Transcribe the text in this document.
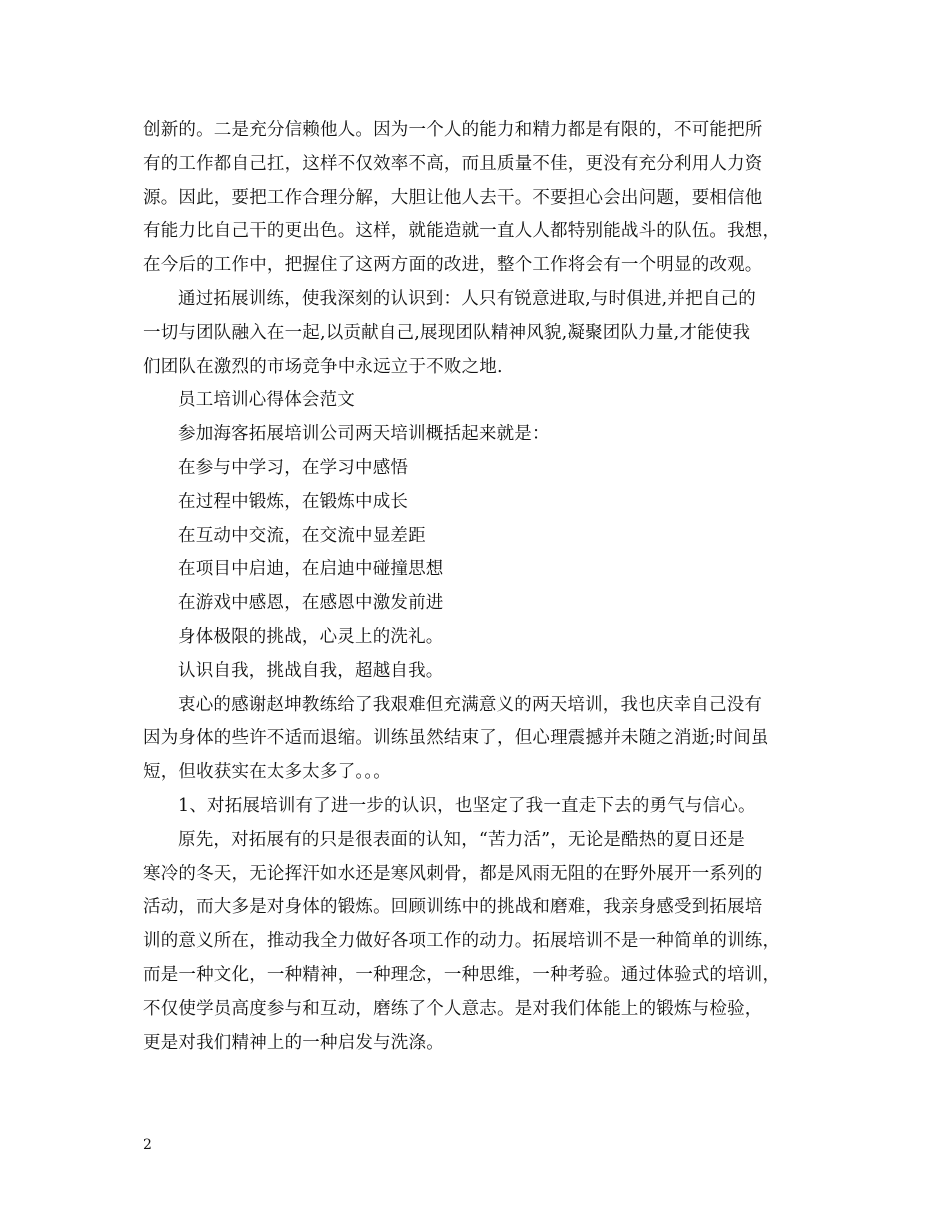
创新的。二是充分信赖他人。因为一个人的能力和精力都是有限的，不可能把所
有的工作都自己扛，这样不仅效率不高，而且质量不佳，更没有充分利用人力资
源。因此，要把工作合理分解，大胆让他人去干。不要担心会出问题，要相信他
有能力比自己干的更出色。这样，就能造就一直人人都特别能战斗的队伍。我想，
在今后的工作中，把握住了这两方面的改进，整个工作将会有一个明显的改观。
通过拓展训练，使我深刻的认识到：人只有锐意进取,与时俱进,并把自己的
一切与团队融入在一起,以贡献自己,展现团队精神风貌,凝聚团队力量,才能使我
们团队在激烈的市场竞争中永远立于不败之地.
员工培训心得体会范文
参加海客拓展培训公司两天培训概括起来就是：
在参与中学习，在学习中感悟
在过程中锻炼，在锻炼中成长
在互动中交流，在交流中显差距
在项目中启迪，在启迪中碰撞思想
在游戏中感恩，在感恩中激发前进
身体极限的挑战，心灵上的洗礼。
认识自我，挑战自我，超越自我。
衷心的感谢赵坤教练给了我艰难但充满意义的两天培训，我也庆幸自己没有
因为身体的些许不适而退缩。训练虽然结束了，但心理震撼并未随之消逝;时间虽
短，但收获实在太多太多了。。。
1、对拓展培训有了进一步的认识，也坚定了我一直走下去的勇气与信心。
原先，对拓展有的只是很表面的认知，“苦力活”，无论是酷热的夏日还是
寒冷的冬天，无论挥汗如水还是寒风刺骨，都是风雨无阻的在野外展开一系列的
活动，而大多是对身体的锻炼。回顾训练中的挑战和磨难，我亲身感受到拓展培
训的意义所在，推动我全力做好各项工作的动力。拓展培训不是一种简单的训练，
而是一种文化，一种精神，一种理念，一种思维，一种考验。通过体验式的培训，
不仅使学员高度参与和互动，磨练了个人意志。是对我们体能上的锻炼与检验，
更是对我们精神上的一种启发与洗涤。
2
